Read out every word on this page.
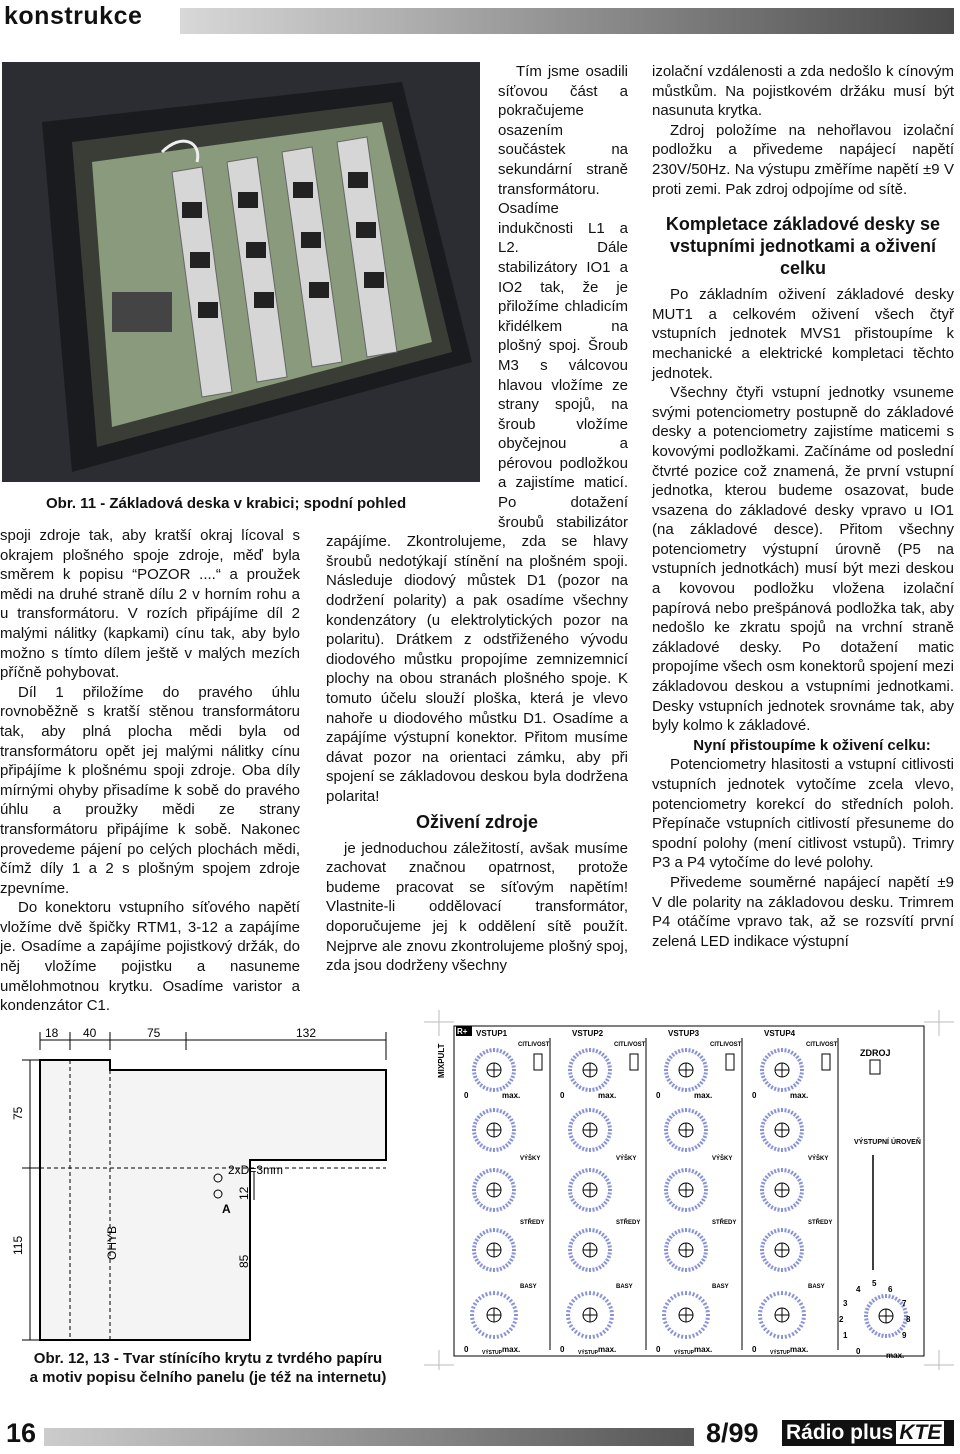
konstrukce
Obr. 11 - Základová deska v krabici; spodní pohled

spoji zdroje tak, aby kratší okraj lícoval s okrajem plošného spoje zdroje, měď byla směrem k popisu “POZOR ....“ a proužek mědi na druhé straně dílu 2 v horním rohu a u transformátoru. V rozích připájíme díl 2 malými nálitky (kapkami) cínu tak, aby bylo možno s tímto dílem ještě v malých mezích příčně pohybovat.

Díl 1 přiložíme do pravého úhlu rovnoběžně s kratší stěnou transformátoru tak, aby plná plocha mědi byla od transformátoru opět jej malými nálitky cínu připájíme k plošnému spoji zdroje. Oba díly mírnými ohyby přisadíme k sobě do pravého úhlu a proužky mědi ze strany transformátoru připájíme k sobě. Nakonec provedeme pájení po celých plochách mědi, čímž díly 1 a 2 s plošným spojem zdroje zpevníme.

Do konektoru vstupního síťového napětí vložíme dvě špičky RTM1, 3-12 a zapájíme je. Osadíme a zapájíme pojistkový držák, do něj vložíme pojistku a nasuneme umělohmotnou krytku. Osadíme varistor a kondenzátor C1.

Tím jsme osadili síťovou část a pokračujeme osazením součástek na sekundární straně transformátoru. Osadíme indukčnosti L1 a L2. Dále stabilizátory IO1 a IO2 tak, že je přiložíme chladicím křidélkem na plošný spoj. Šroub M3 s válcovou hlavou vložíme ze strany spojů, na šroub vložíme obyčejnou a pérovou podložkou a zajistíme maticí. Po dotažení šroubů stabilizátor zapájíme. Zkontrolujeme, zda se hlavy šroubů nedotýkají stínění na plošném spoji. Následuje diodový můstek D1 (pozor na dodržení polarity) a pak osadíme všechny kondenzátory (u elektrolytických pozor na polaritu). Drátkem z odstřiženého vývodu diodového můstku propojíme zemnizemnicí plochy na obou stranách plošného spoje. K tomuto účelu slouží ploška, která je vlevo nahoře u diodového můstku D1. Osadíme a zapájíme výstupní konektor. Přitom musíme dávat pozor na orientaci zámku, aby při spojení se základovou deskou byla dodržena polarita!

Oživení zdroje

je jednoduchou záležitostí, avšak musíme zachovat značnou opatrnost, protože budeme pracovat se síťovým napětím! Vlastnite-li oddělovací transformátor, doporučujeme jej k oddělení sítě použít. Nejprve ale znovu zkontrolujeme plošný spoj, zda jsou dodrženy všechny

izolační vzdálenosti a zda nedošlo k cínovým můstkům. Na pojistkovém držáku musí být nasunuta krytka.

Zdroj položíme na nehořlavou izolační podložku a přivedeme napájecí napětí 230V/50Hz. Na výstupu změříme napětí ±9 V proti zemi. Pak zdroj odpojíme od sítě.

Kompletace základové desky se vstupními jednotkami a oživení celku

Po základním oživení základové desky MUT1 a celkovém oživení všech čtyř vstupních jednotek MVS1 přistoupíme k mechanické a elektrické kompletaci těchto jednotek.

Všechny čtyři vstupní jednotky vsuneme svými potenciometry postupně do základové desky a potenciometry zajistíme maticemi s kovovými podložkami. Začínáme od poslední čtvrté pozice což znamená, že první vstupní jednotka, kterou budeme osazovat, bude vsazena do základové desky vpravo u IO1 (na základové desce). Přitom všechny potenciometry výstupní úrovně (P5 na vstupních jednotkách) musí být mezi deskou a kovovou podložku vložena izolační papírová nebo prešpánová podložka tak, aby nedošlo ke zkratu spojů na vrchní straně základové desky. Po dotažení matic propojíme všech osm konektorů spojení mezi základovou deskou a vstupními jednotkami. Desky vstupních jednotek srovnáme tak, aby byly kolmo k základové.

Nyní přistoupíme k oživení celku:

Potenciometry hlasitosti a vstupní citlivosti vstupních jednotek vytočíme zcela vlevo, potenciometry korekcí do středních poloh. Přepínače vstupních citlivostí přesuneme do spodní polohy (mení citlivost vstupů). Trimry P3 a P4 vytočíme do levé polohy.

Přivedeme souměrné napájecí napětí ±9 V dle polarity na základovou desku. Trimrem P4 otáčíme vpravo tak, až se rozsvítí první zelená LED indikace výstupní

18 40	75	132
75
115	OHYB
2xD=3mm
12
A
85
Obr. 12, 13 - Tvar stínícího krytu z tvrdého papíru
a motiv popisu čelního panelu (je též na internetu)
R+
MIXPULT
VSTUP1
CITLIVOST
0	max.
VÝŠKY
STŘEDY
BASY
0	VÝSTUP max.
VSTUP2
CITLIVOST
0	max.
VÝŠKY
STŘEDY
BASY
0	VÝSTUP max.
VSTUP3
CITLIVOST
0	max.
VÝŠKY
STŘEDY
BASY
0	VÝSTUP max.
VSTUP4
CITLIVOST
0	max.
VÝŠKY
STŘEDY
BASY
0	VÝSTUP max.
ZDROJ
VÝSTUPNÍ ÚROVEŇ
1
2
3
4
5
6
7
8
9
0	max.
16	8/99 Rádio plus KTE
